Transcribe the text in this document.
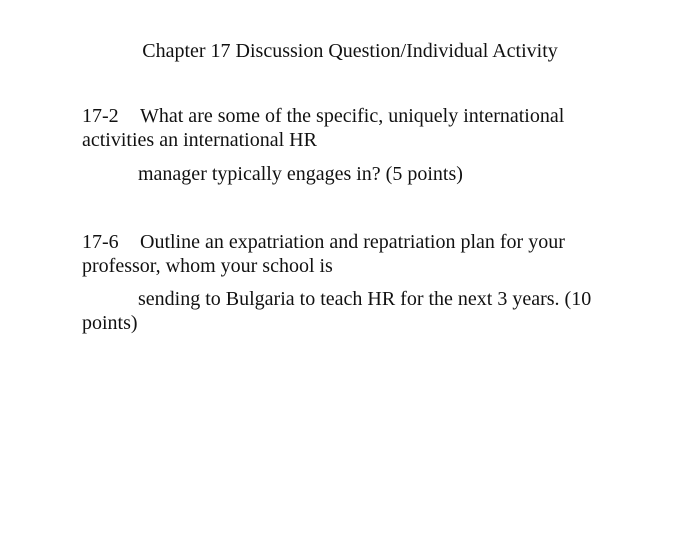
Chapter 17 Discussion Question/Individual Activity

17-2 What are some of the specific, uniquely international activities an international HR

manager typically engages in? (5 points)

17-6 Outline an expatriation and repatriation plan for your professor, whom your school is

sending to Bulgaria to teach HR for the next 3 years. (10 points)
